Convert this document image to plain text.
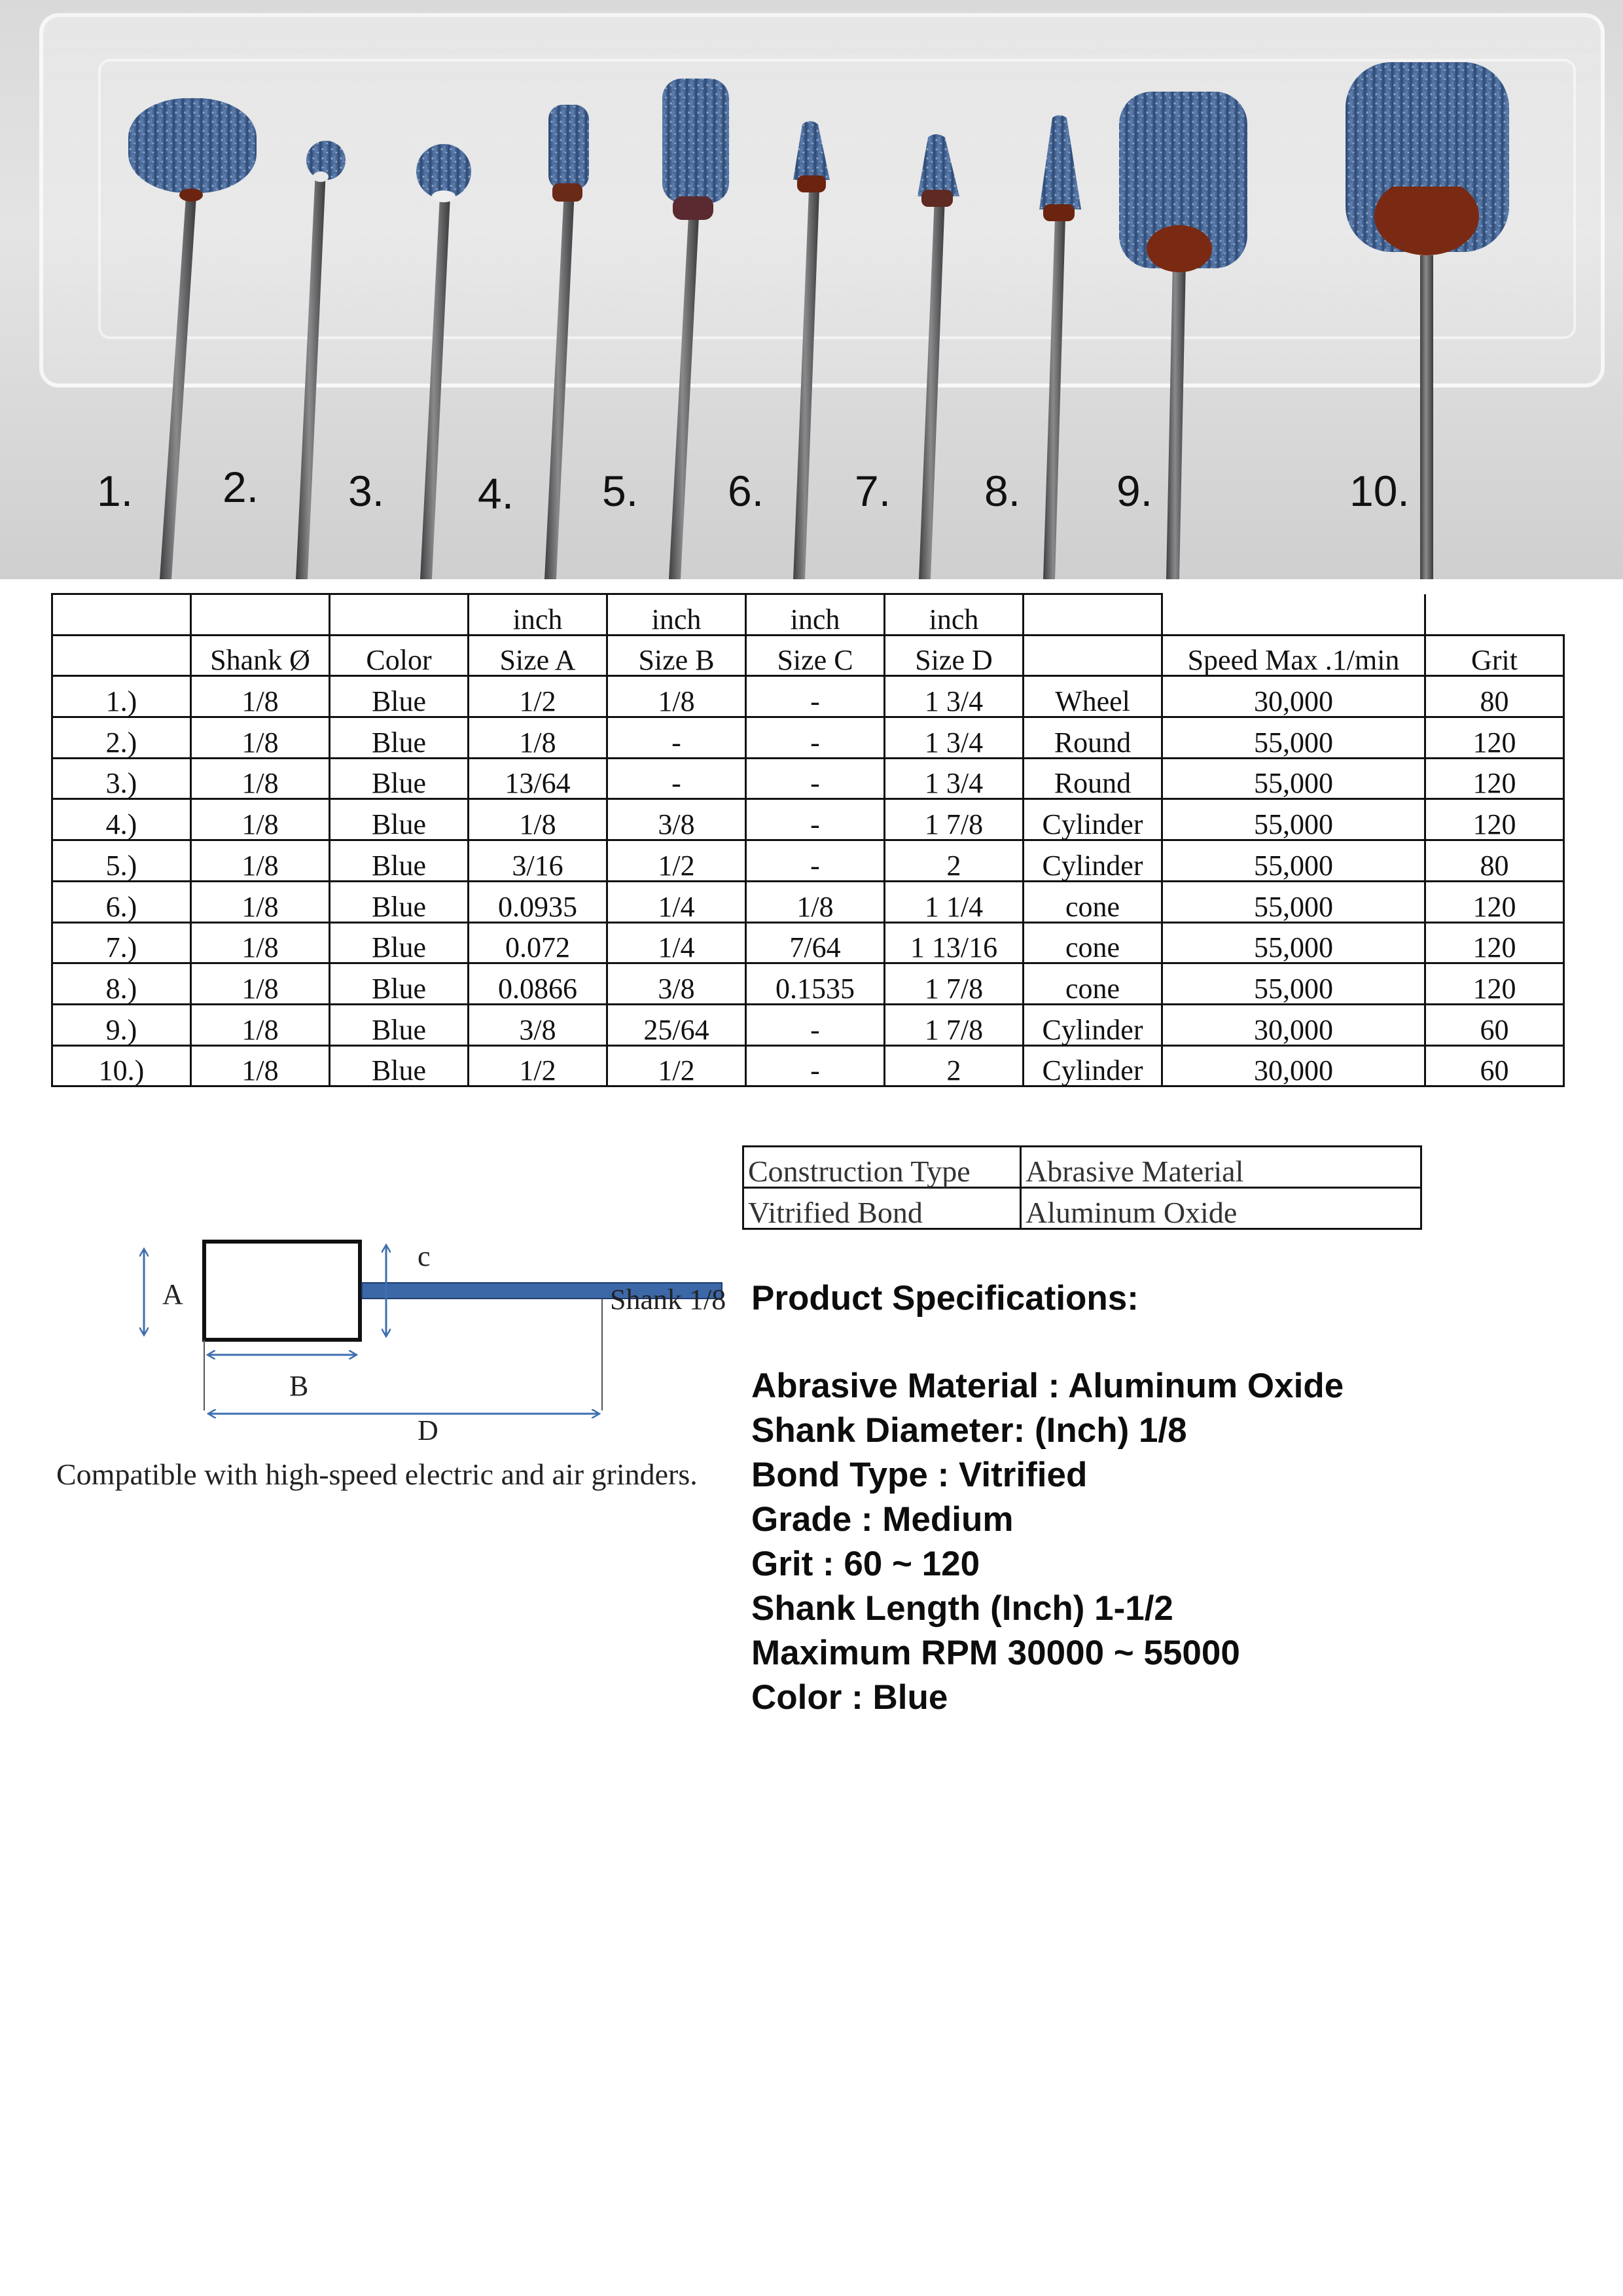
1. 2. 3. 4. 5. 6. 7. 8. 9.	10.
			inch	inch	inch	inch			
	Shank Ø	Color	Size A	Size B	Size C	Size D		Speed Max .1/min	Grit
1.)	1/8	Blue	1/2	1/8	-	1 3/4	Wheel	30,000	80
2.)	1/8	Blue	1/8	-	-	1 3/4	Round	55,000	120
3.)	1/8	Blue	13/64	-	-	1 3/4	Round	55,000	120
4.)	1/8	Blue	1/8	3/8	-	1 7/8	Cylinder	55,000	120
5.)	1/8	Blue	3/16	1/2	-	2	Cylinder	55,000	80
6.)	1/8	Blue	0.0935	1/4	1/8	1 1/4	cone	55,000	120
7.)	1/8	Blue	0.072	1/4	7/64	1 13/16	cone	55,000	120
8.)	1/8	Blue	0.0866	3/8	0.1535	1 7/8	cone	55,000	120
9.)	1/8	Blue	3/8	25/64	-	1 7/8	Cylinder	30,000	60
10.)	1/8	Blue	1/2	1/2	-	2	Cylinder	30,000	60
Construction Type	Abrasive Material
Vitrified Bond	Aluminum Oxide
A
c
B
D
Shank 1/8
Compatible with high-speed electric and air grinders.
Product Specifications:
Abrasive Material : Aluminum Oxide
Shank Diameter: (Inch) 1/8
Bond Type : Vitrified
Grade : Medium
Grit : 60 ~ 120
Shank Length (Inch) 1-1/2
Maximum RPM 30000 ~ 55000
Color : Blue
